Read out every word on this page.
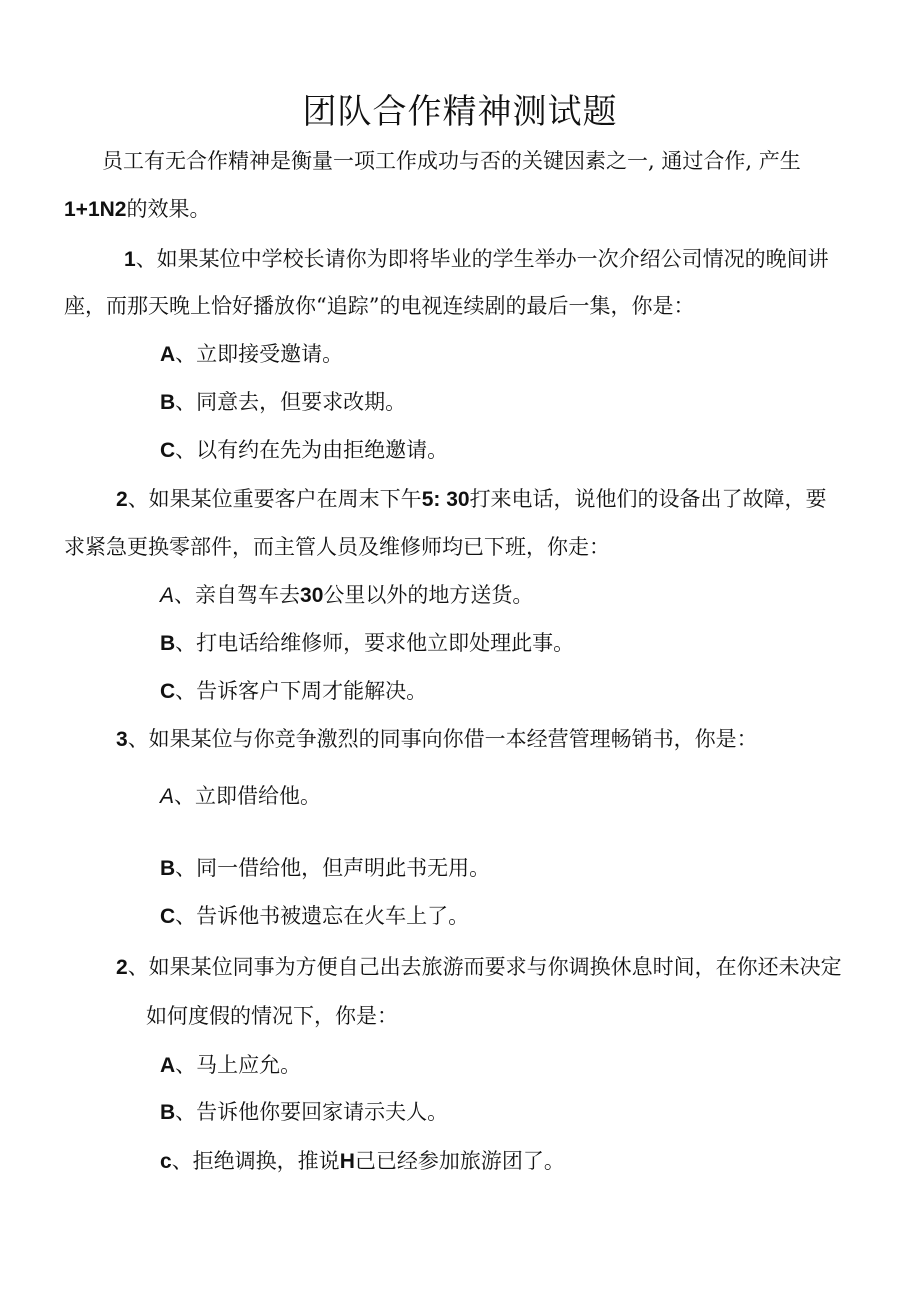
团队合作精神测试题
员工有无合作精神是衡量一项工作成功与否的关键因素之一, 通过合作, 产生
1+1N2的效果。
1、如果某位中学校长请你为即将毕业的学生举办一次介绍公司情况的晚间讲
座，而那天晚上恰好播放你“追踪”的电视连续剧的最后一集，你是：
A、立即接受邀请。
B、同意去，但要求改期。
C、以有约在先为由拒绝邀请。
2、如果某位重要客户在周末下午5: 30打来电话，说他们的设备出了故障，要
求紧急更换零部件，而主管人员及维修师均已下班，你走：
A、亲自驾车去30公里以外的地方送货。
B、打电话给维修师，要求他立即处理此事。
C、告诉客户下周才能解决。
3、如果某位与你竞争激烈的同事向你借一本经营管理畅销书，你是：
A、立即借给他。
B、同一借给他，但声明此书无用。
C、告诉他书被遗忘在火车上了。
2、如果某位同事为方便自己出去旅游而要求与你调换休息时间，在你还未决定
如何度假的情况下，你是：
A、马上应允。
B、告诉他你要回家请示夫人。
c、拒绝调换，推说H己已经参加旅游团了。
